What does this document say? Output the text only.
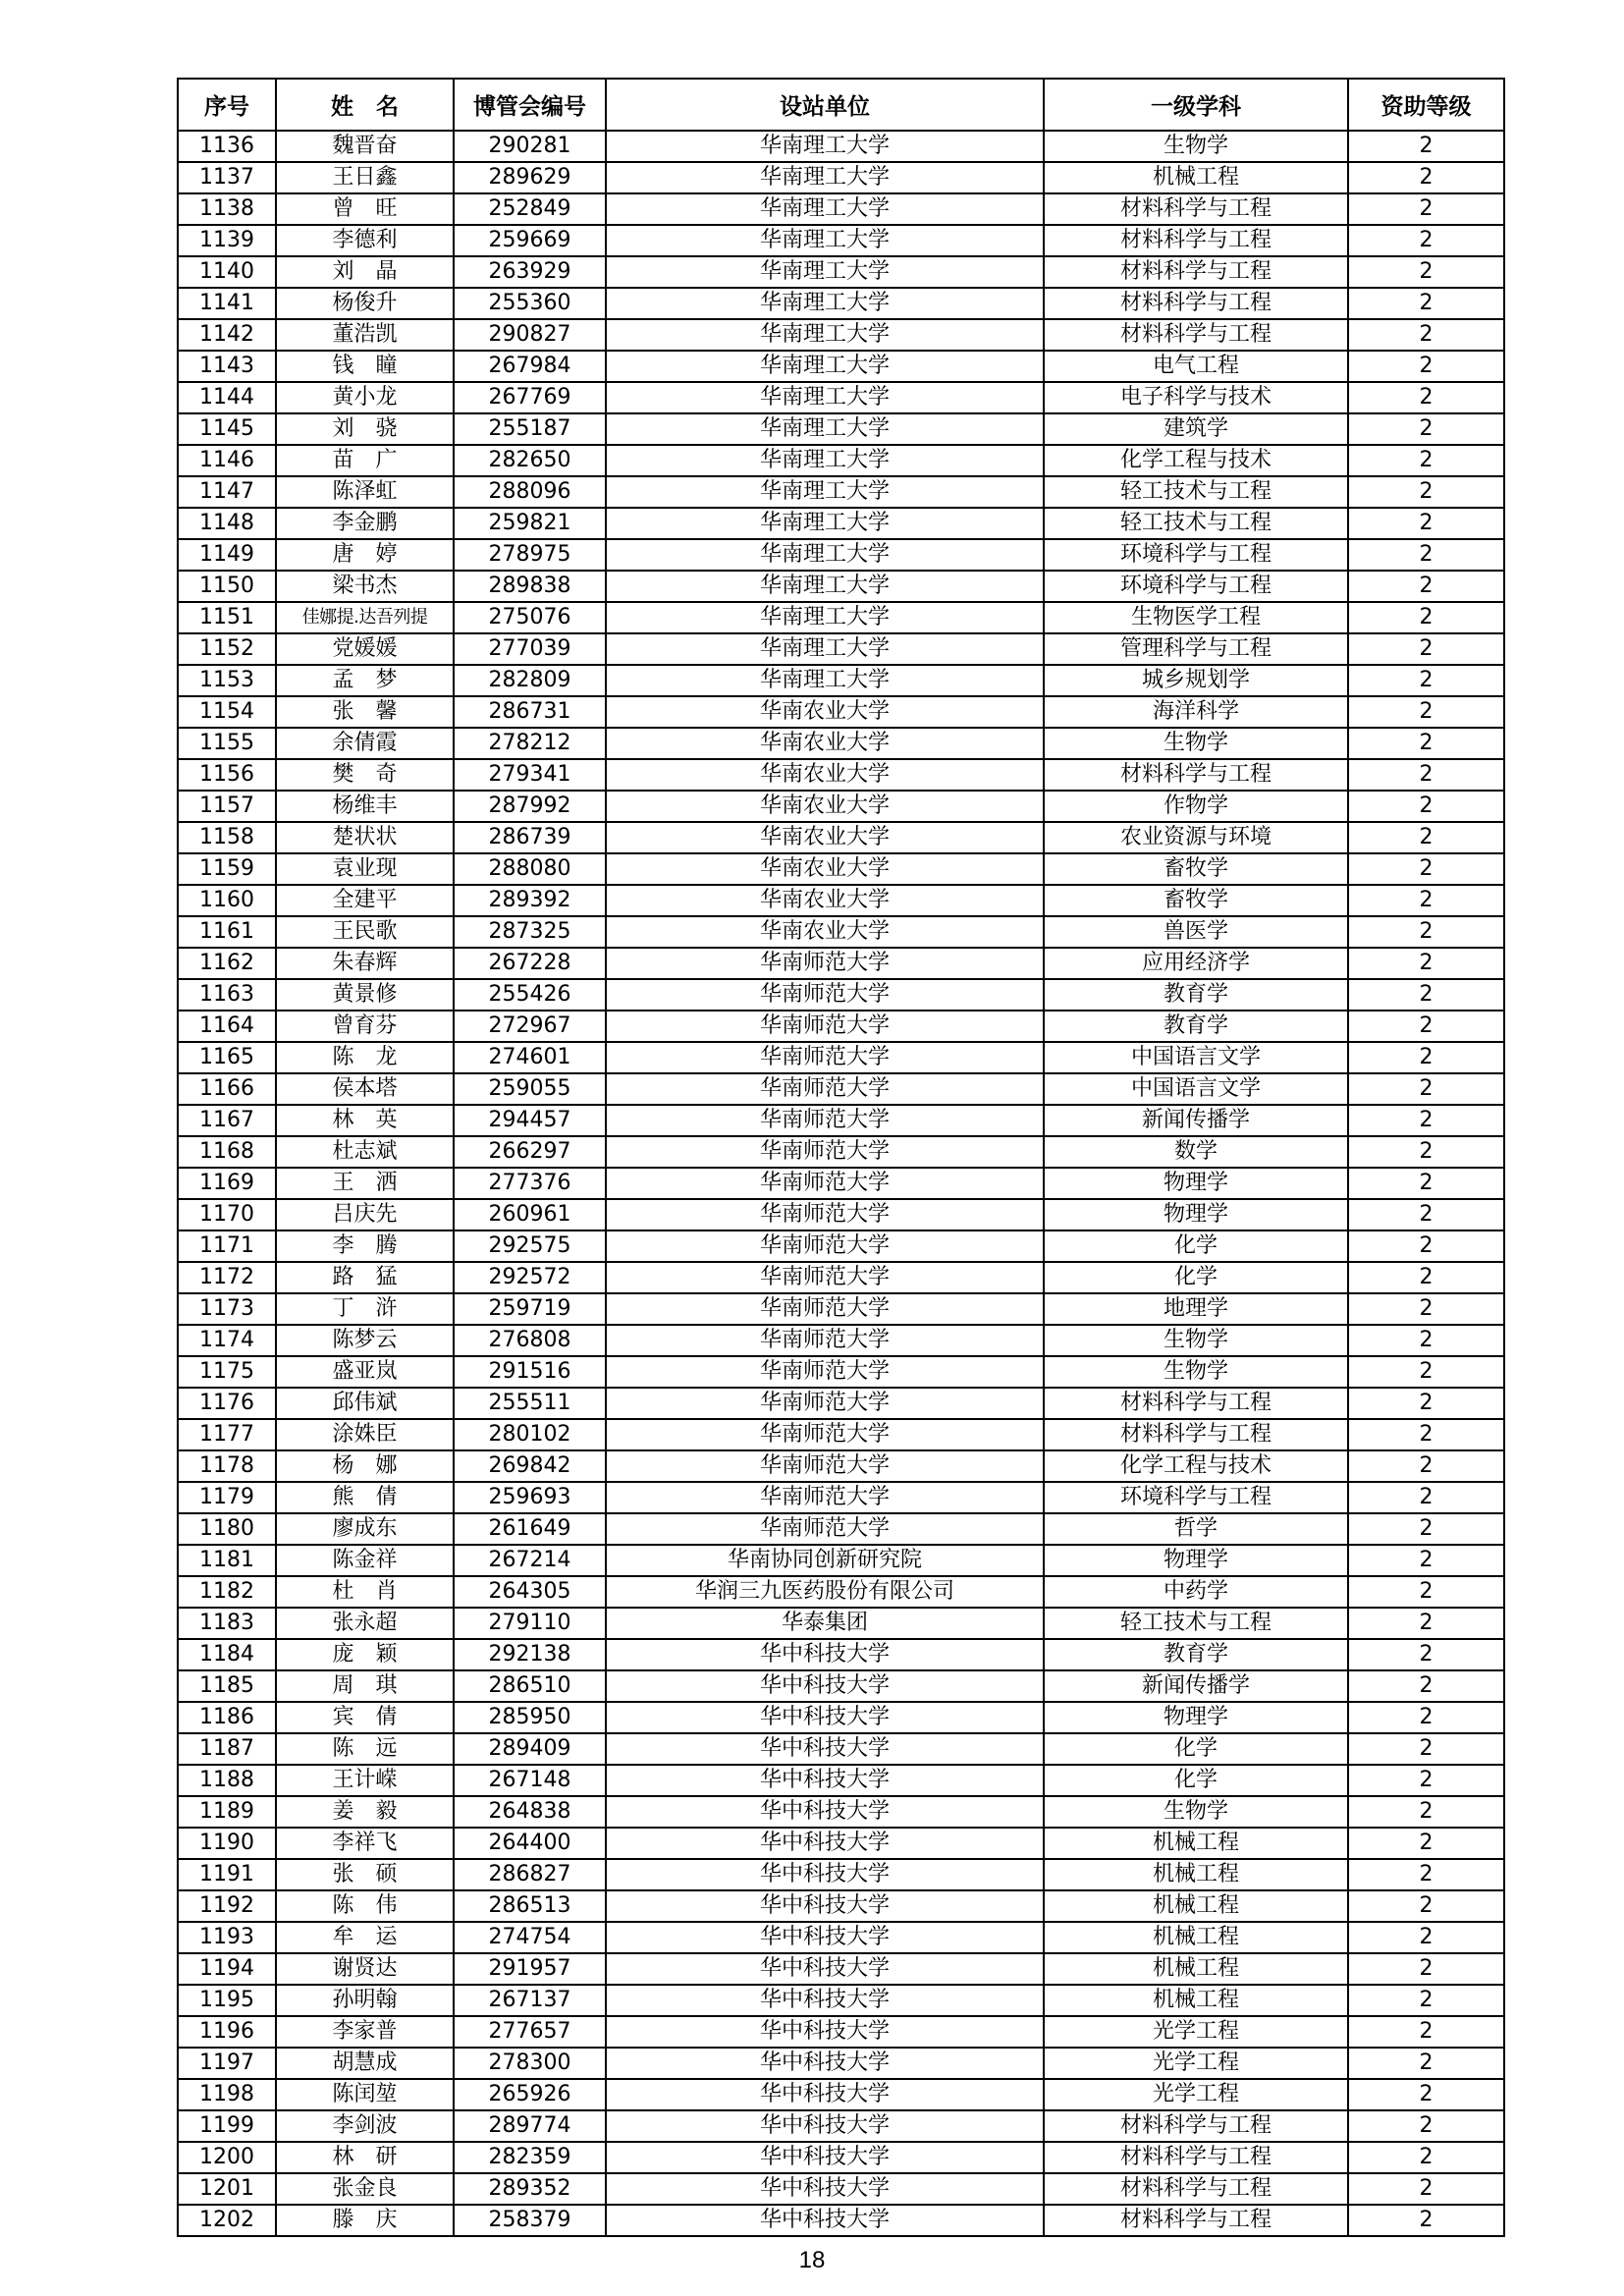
序号	姓　名	博管会编号	设站单位	一级学科	资助等级
1136	魏晋奋	290281	华南理工大学	生物学	2
1137	王日鑫	289629	华南理工大学	机械工程	2
1138	曾　旺	252849	华南理工大学	材料科学与工程	2
1139	李德利	259669	华南理工大学	材料科学与工程	2
1140	刘　晶	263929	华南理工大学	材料科学与工程	2
1141	杨俊升	255360	华南理工大学	材料科学与工程	2
1142	董浩凯	290827	华南理工大学	材料科学与工程	2
1143	钱　瞳	267984	华南理工大学	电气工程	2
1144	黄小龙	267769	华南理工大学	电子科学与技术	2
1145	刘　骁	255187	华南理工大学	建筑学	2
1146	苗　广	282650	华南理工大学	化学工程与技术	2
1147	陈泽虹	288096	华南理工大学	轻工技术与工程	2
1148	李金鹏	259821	华南理工大学	轻工技术与工程	2
1149	唐　婷	278975	华南理工大学	环境科学与工程	2
1150	梁书杰	289838	华南理工大学	环境科学与工程	2
1151	佳娜提.达吾列提	275076	华南理工大学	生物医学工程	2
1152	党媛媛	277039	华南理工大学	管理科学与工程	2
1153	孟　梦	282809	华南理工大学	城乡规划学	2
1154	张　馨	286731	华南农业大学	海洋科学	2
1155	余倩霞	278212	华南农业大学	生物学	2
1156	樊　奇	279341	华南农业大学	材料科学与工程	2
1157	杨维丰	287992	华南农业大学	作物学	2
1158	楚状状	286739	华南农业大学	农业资源与环境	2
1159	袁业现	288080	华南农业大学	畜牧学	2
1160	全建平	289392	华南农业大学	畜牧学	2
1161	王民歌	287325	华南农业大学	兽医学	2
1162	朱春辉	267228	华南师范大学	应用经济学	2
1163	黄景修	255426	华南师范大学	教育学	2
1164	曾育芬	272967	华南师范大学	教育学	2
1165	陈　龙	274601	华南师范大学	中国语言文学	2
1166	侯本塔	259055	华南师范大学	中国语言文学	2
1167	林　英	294457	华南师范大学	新闻传播学	2
1168	杜志斌	266297	华南师范大学	数学	2
1169	王　洒	277376	华南师范大学	物理学	2
1170	吕庆先	260961	华南师范大学	物理学	2
1171	李　腾	292575	华南师范大学	化学	2
1172	路　猛	292572	华南师范大学	化学	2
1173	丁　浒	259719	华南师范大学	地理学	2
1174	陈梦云	276808	华南师范大学	生物学	2
1175	盛亚岚	291516	华南师范大学	生物学	2
1176	邱伟斌	255511	华南师范大学	材料科学与工程	2
1177	涂姝臣	280102	华南师范大学	材料科学与工程	2
1178	杨　娜	269842	华南师范大学	化学工程与技术	2
1179	熊　倩	259693	华南师范大学	环境科学与工程	2
1180	廖成东	261649	华南师范大学	哲学	2
1181	陈金祥	267214	华南协同创新研究院	物理学	2
1182	杜　肖	264305	华润三九医药股份有限公司	中药学	2
1183	张永超	279110	华泰集团	轻工技术与工程	2
1184	庞　颖	292138	华中科技大学	教育学	2
1185	周　琪	286510	华中科技大学	新闻传播学	2
1186	宾　倩	285950	华中科技大学	物理学	2
1187	陈　远	289409	华中科技大学	化学	2
1188	王计嵘	267148	华中科技大学	化学	2
1189	姜　毅	264838	华中科技大学	生物学	2
1190	李祥飞	264400	华中科技大学	机械工程	2
1191	张　硕	286827	华中科技大学	机械工程	2
1192	陈　伟	286513	华中科技大学	机械工程	2
1193	牟　运	274754	华中科技大学	机械工程	2
1194	谢贤达	291957	华中科技大学	机械工程	2
1195	孙明翰	267137	华中科技大学	机械工程	2
1196	李家普	277657	华中科技大学	光学工程	2
1197	胡慧成	278300	华中科技大学	光学工程	2
1198	陈闰堃	265926	华中科技大学	光学工程	2
1199	李剑波	289774	华中科技大学	材料科学与工程	2
1200	林　研	282359	华中科技大学	材料科学与工程	2
1201	张金良	289352	华中科技大学	材料科学与工程	2
1202	滕　庆	258379	华中科技大学	材料科学与工程	2
18
